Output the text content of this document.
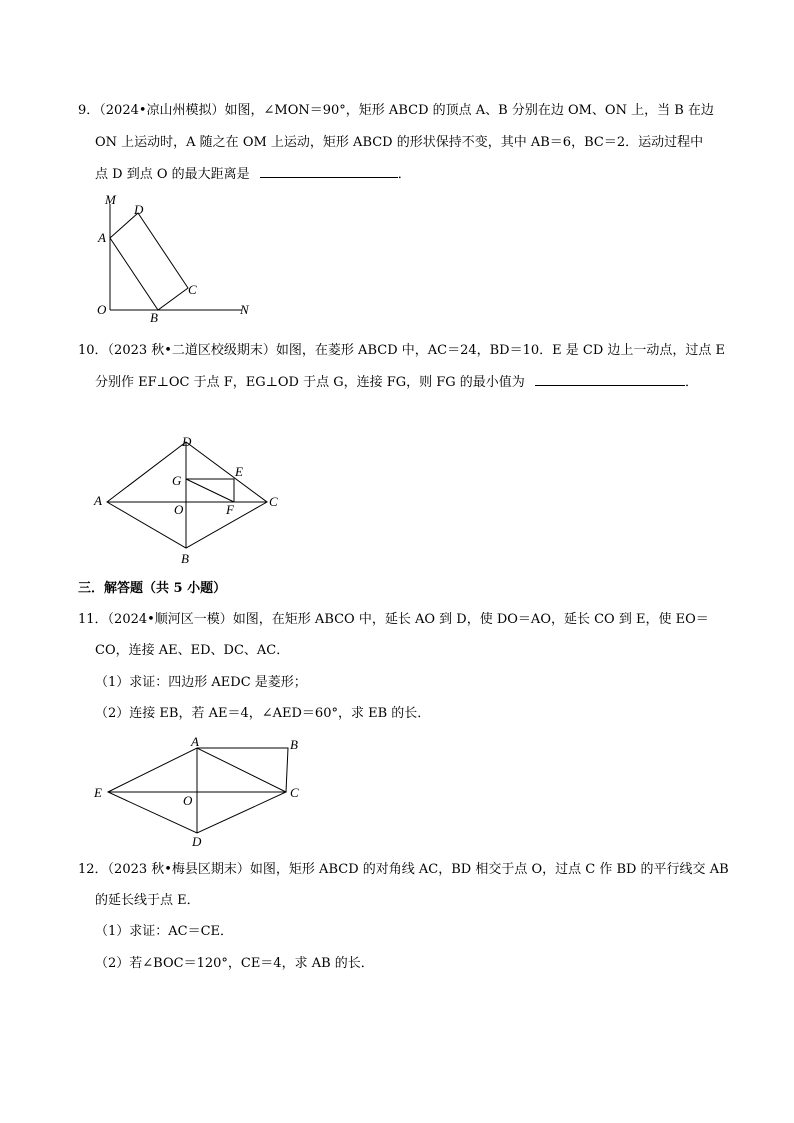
9．（2024•凉山州模拟）如图，∠MON＝90°，矩形 ABCD 的顶点 A、B 分别在边 OM、ON 上，当 B 在边
ON 上运动时，A 随之在 OM 上运动，矩形 ABCD 的形状保持不变，其中 AB＝6，BC＝2．运动过程中
点 D 到点 O 的最大距离是	．
M
D
A
C
O
B
N
10．（2023 秋•二道区校级期末）如图，在菱形 ABCD 中，AC＝24，BD＝10．E 是 CD 边上一动点，过点 E
分别作 EF⊥OC 于点 F，EG⊥OD 于点 G，连接 FG，则 FG 的最小值为	．
D
G
E
A
O	F
C
B
三．解答题（共 5 小题）
11．（2024•顺河区一模）如图，在矩形 ABCO 中，延长 AO 到 D，使 DO＝AO，延长 CO 到 E，使 EO＝
CO，连接 AE、ED、DC、AC．
（1）求证：四边形 AEDC 是菱形；
（2）连接 EB，若 AE＝4，∠AED＝60°，求 EB 的长．
A	B
E
O
C
D
12．（2023 秋•梅县区期末）如图，矩形 ABCD 的对角线 AC，BD 相交于点 O，过点 C 作 BD 的平行线交 AB
的延长线于点 E．
（1）求证：AC＝CE．
（2）若∠BOC＝120°，CE＝4，求 AB 的长．
